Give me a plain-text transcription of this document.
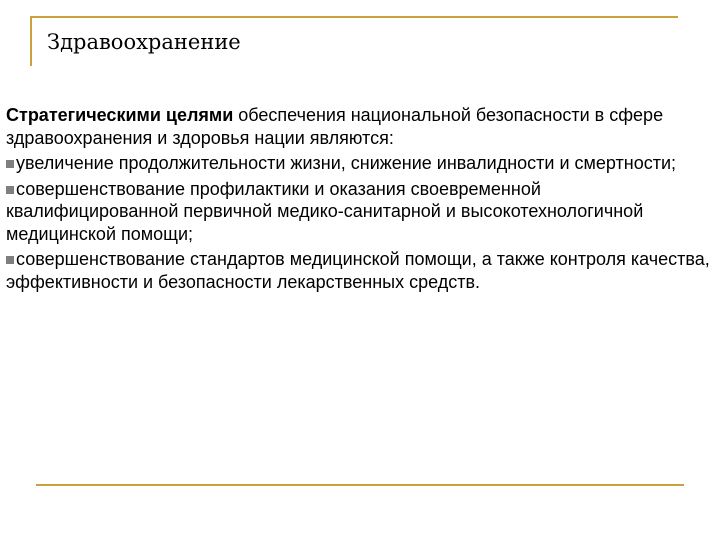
Здравоохранение

Стратегическими целями обеспечения национальной безопасности в сфере здравоохранения и здоровья нации являются:

увеличение продолжительности жизни, снижение инвалидности и смертности;

совершенствование профилактики и оказания своевременной квалифицированной первичной медико-санитарной и высокотехнологичной медицинской помощи;

совершенствование стандартов медицинской помощи, а также контроля качества, эффективности и безопасности лекарственных средств.
